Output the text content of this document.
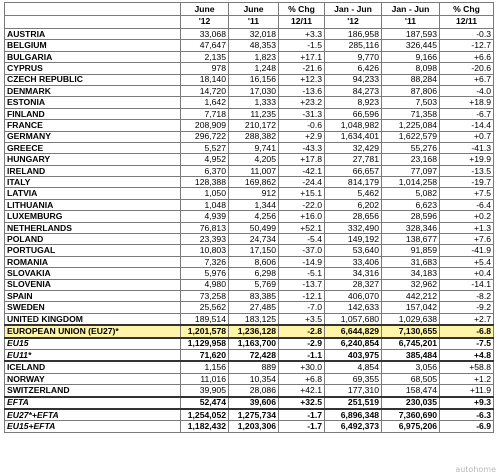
	June	June	% Chg	Jan - Jun	Jan - Jun	% Chg
	'12	'11	12/11	'12	'11	12/11
AUSTRIA	33,068	32,018	+3.3	186,958	187,593	-0.3
BELGIUM	47,647	48,353	-1.5	285,116	326,445	-12.7
BULGARIA	2,135	1,823	+17.1	9,770	9,166	+6.6
CYPRUS	978	1,248	-21.6	6,426	8,098	-20.6
CZECH REPUBLIC	18,140	16,156	+12.3	94,233	88,284	+6.7
DENMARK	14,720	17,030	-13.6	84,273	87,806	-4.0
ESTONIA	1,642	1,333	+23.2	8,923	7,503	+18.9
FINLAND	7,718	11,235	-31.3	66,596	71,358	-6.7
FRANCE	208,909	210,172	-0.6	1,048,982	1,225,084	-14.4
GERMANY	296,722	288,382	+2.9	1,634,401	1,622,579	+0.7
GREECE	5,527	9,741	-43.3	32,429	55,276	-41.3
HUNGARY	4,952	4,205	+17.8	27,781	23,168	+19.9
IRELAND	6,370	11,007	-42.1	66,657	77,097	-13.5
ITALY	128,388	169,862	-24.4	814,179	1,014,258	-19.7
LATVIA	1,050	912	+15.1	5,462	5,082	+7.5
LITHUANIA	1,048	1,344	-22.0	6,202	6,623	-6.4
LUXEMBURG	4,939	4,256	+16.0	28,656	28,596	+0.2
NETHERLANDS	76,813	50,499	+52.1	332,490	328,346	+1.3
POLAND	23,393	24,734	-5.4	149,192	138,677	+7.6
PORTUGAL	10,803	17,150	-37.0	53,640	91,859	-41.9
ROMANIA	7,326	8,606	-14.9	33,406	31,683	+5.4
SLOVAKIA	5,976	6,298	-5.1	34,316	34,183	+0.4
SLOVENIA	4,980	5,769	-13.7	28,327	32,962	-14.1
SPAIN	73,258	83,385	-12.1	406,070	442,212	-8.2
SWEDEN	25,562	27,485	-7.0	142,633	157,042	-9.2
UNITED KINGDOM	189,514	183,125	+3.5	1,057,680	1,029,638	+2.7
EUROPEAN UNION (EU27)*	1,201,578	1,236,128	-2.8	6,644,829	7,130,655	-6.8
EU15	1,129,958	1,163,700	-2.9	6,240,854	6,745,201	-7.5
EU11*	71,620	72,428	-1.1	403,975	385,484	+4.8
ICELAND	1,156	889	+30.0	4,854	3,056	+58.8
NORWAY	11,016	10,354	+6.8	69,355	68,505	+1.2
SWITZERLAND	39,905	28,086	+42.1	177,310	158,474	+11.9
EFTA	52,474	39,606	+32.5	251,519	230,035	+9.3
EU27*+EFTA	1,254,052	1,275,734	-1.7	6,896,348	7,360,690	-6.3
EU15+EFTA	1,182,432	1,203,306	-1.7	6,492,373	6,975,206	-6.9
autohome
